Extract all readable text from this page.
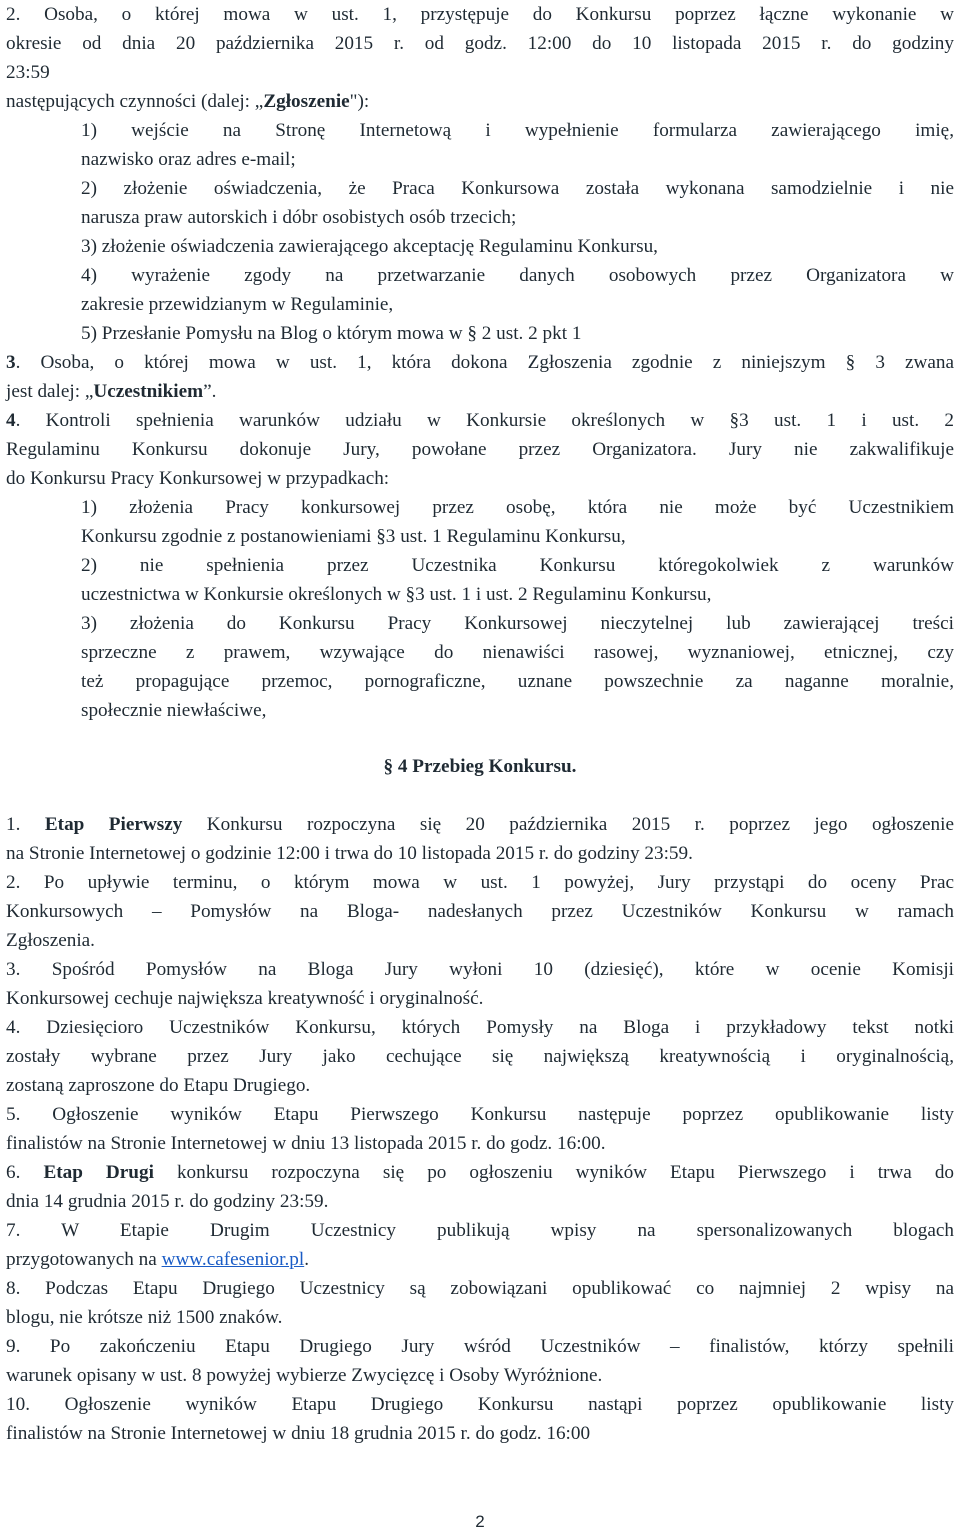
2. Osoba, o której mowa w ust. 1, przystępuje do Konkursu poprzez łączne wykonanie w
okresie od dnia 20 października 2015 r. od godz. 12:00 do 10 listopada 2015 r. do godziny
23:59
następujących czynności (dalej: „Zgłoszenie"):
1) wejście na Stronę Internetową i wypełnienie formularza zawierającego imię,
nazwisko oraz adres e-mail;
2) złożenie oświadczenia, że Praca Konkursowa została wykonana samodzielnie i nie
narusza praw autorskich i dóbr osobistych osób trzecich;
3) złożenie oświadczenia zawierającego akceptację Regulaminu Konkursu,
4) wyrażenie zgody na przetwarzanie danych osobowych przez Organizatora w
zakresie przewidzianym w Regulaminie,
5) Przesłanie Pomysłu na Blog o którym mowa w § 2 ust. 2 pkt 1
3. Osoba, o której mowa w ust. 1, która dokona Zgłoszenia zgodnie z niniejszym § 3 zwana
jest dalej: „Uczestnikiem”.
4. Kontroli spełnienia warunków udziału w Konkursie określonych w §3 ust. 1 i ust. 2
Regulaminu Konkursu dokonuje Jury, powołane przez Organizatora. Jury nie zakwalifikuje
do Konkursu Pracy Konkursowej w przypadkach:
1) złożenia Pracy konkursowej przez osobę, która nie może być Uczestnikiem
Konkursu zgodnie z postanowieniami §3 ust. 1 Regulaminu Konkursu,
2) nie spełnienia przez Uczestnika Konkursu któregokolwiek z warunków
uczestnictwa w Konkursie określonych w §3 ust. 1 i ust. 2 Regulaminu Konkursu,
3) złożenia do Konkursu Pracy Konkursowej nieczytelnej lub zawierającej treści
sprzeczne z prawem, wzywające do nienawiści rasowej, wyznaniowej, etnicznej, czy
też propagujące przemoc, pornograficzne, uznane powszechnie za naganne moralnie,
społecznie niewłaściwe,
§ 4 Przebieg Konkursu.
1. Etap Pierwszy Konkursu rozpoczyna się 20 października 2015 r. poprzez jego ogłoszenie
na Stronie Internetowej o godzinie 12:00 i trwa do 10 listopada 2015 r. do godziny 23:59.
2. Po upływie terminu, o którym mowa w ust. 1 powyżej, Jury przystąpi do oceny Prac
Konkursowych – Pomysłów na Bloga- nadesłanych przez Uczestników Konkursu w ramach
Zgłoszenia.
3. Spośród Pomysłów na Bloga Jury wyłoni 10 (dziesięć), które w ocenie Komisji
Konkursowej cechuje największa kreatywność i oryginalność.
4. Dziesięcioro Uczestników Konkursu, których Pomysły na Bloga i przykładowy tekst notki
zostały wybrane przez Jury jako cechujące się największą kreatywnością i oryginalnością,
zostaną zaproszone do Etapu Drugiego.
5. Ogłoszenie wyników Etapu Pierwszego Konkursu następuje poprzez opublikowanie listy
finalistów na Stronie Internetowej w dniu 13 listopada 2015 r. do godz. 16:00.
6. Etap Drugi konkursu rozpoczyna się po ogłoszeniu wyników Etapu Pierwszego i trwa do
dnia 14 grudnia 2015 r. do godziny 23:59.
7. W Etapie Drugim Uczestnicy publikują wpisy na spersonalizowanych blogach
przygotowanych na www.cafesenior.pl.
8. Podczas Etapu Drugiego Uczestnicy są zobowiązani opublikować co najmniej 2 wpisy na
blogu, nie krótsze niż 1500 znaków.
9. Po zakończeniu Etapu Drugiego Jury wśród Uczestników – finalistów, którzy spełnili
warunek opisany w ust. 8 powyżej wybierze Zwycięzcę i Osoby Wyróżnione.
10. Ogłoszenie wyników Etapu Drugiego Konkursu nastąpi poprzez opublikowanie listy
finalistów na Stronie Internetowej w dniu 18 grudnia 2015 r. do godz. 16:00
2
